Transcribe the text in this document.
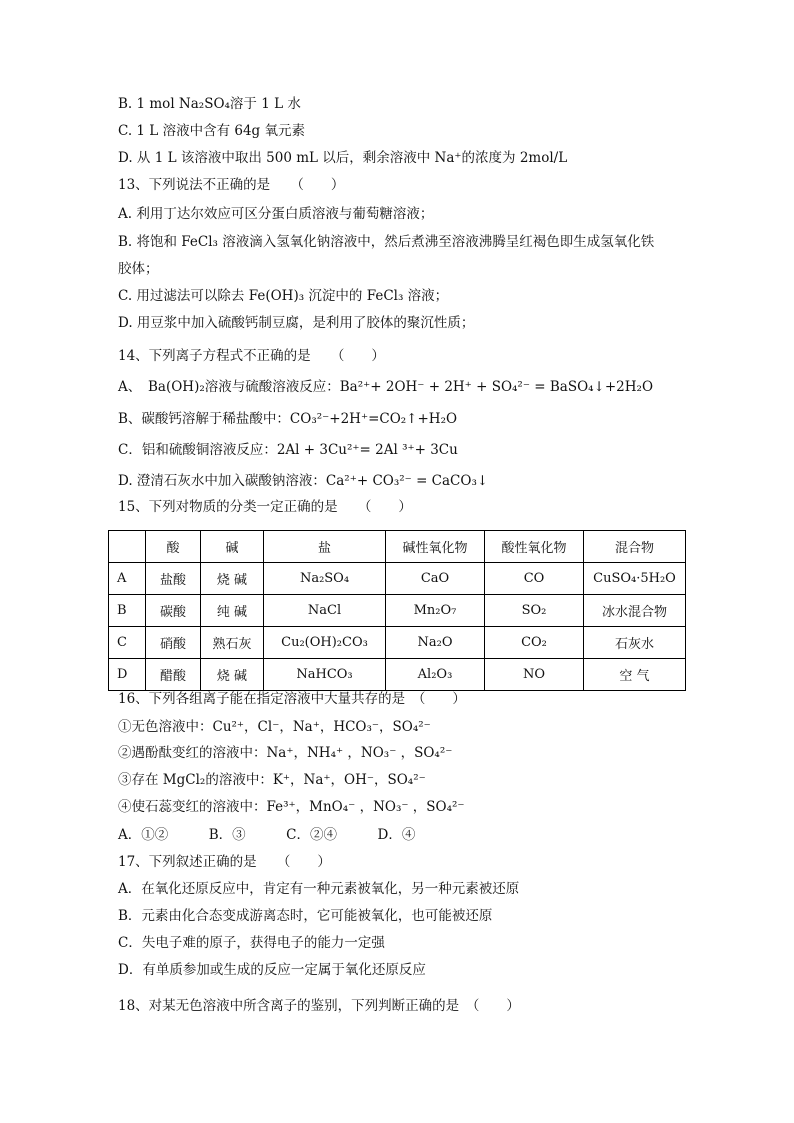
B. 1 mol Na₂SO₄溶于 1 L 水
C. 1 L 溶液中含有 64g 氧元素
D. 从 1 L 该溶液中取出 500 mL 以后，剩余溶液中 Na⁺的浓度为 2mol/L
13、下列说法不正确的是　　（　　）
A. 利用丁达尔效应可区分蛋白质溶液与葡萄糖溶液；
B. 将饱和 FeCl₃ 溶液滴入氢氧化钠溶液中，然后煮沸至溶液沸腾呈红褐色即生成氢氧化铁
胶体；
C. 用过滤法可以除去 Fe(OH)₃ 沉淀中的 FeCl₃ 溶液；
D. 用豆浆中加入硫酸钙制豆腐，是利用了胶体的聚沉性质；
14、下列离子方程式不正确的是　　（　　）
A、　Ba(OH)₂溶液与硫酸溶液反应：Ba²⁺+ 2OH⁻ + 2H⁺ + SO₄²⁻ = BaSO₄↓+2H₂O
B、碳酸钙溶解于稀盐酸中：CO₃²⁻+2H⁺=CO₂↑+H₂O
C．铝和硫酸铜溶液反应：2Al + 3Cu²⁺= 2Al ³⁺+ 3Cu
D. 澄清石灰水中加入碳酸钠溶液：Ca²⁺+ CO₃²⁻ = CaCO₃↓
15、下列对物质的分类一定正确的是　　（　　）
	酸	碱	盐	碱性氧化物	酸性氧化物	混合物
A	盐酸	烧 碱	Na₂SO₄	CaO	CO	CuSO₄·5H₂O
B	碳酸	纯 碱	NaCl	Mn₂O₇	SO₂	冰水混合物
C	硝酸	熟石灰	Cu₂(OH)₂CO₃	Na₂O	CO₂	石灰水
D	醋酸	烧 碱	NaHCO₃	Al₂O₃	NO	空 气
16、下列各组离子能在指定溶液中大量共存的是　（　　）
①无色溶液中：Cu²⁺，Cl⁻，Na⁺，HCO₃⁻，SO₄²⁻
②遇酚酞变红的溶液中：Na⁺，NH₄⁺ ，NO₃⁻ ，SO₄²⁻
③存在 MgCl₂的溶液中：K⁺，Na⁺，OH⁻，SO₄²⁻
④使石蕊变红的溶液中：Fe³⁺，MnO₄⁻ ，NO₃⁻ ，SO₄²⁻
A．①②　　　B．③　　　C．②④　　　D．④
17、下列叙述正确的是　　（　　）
A．在氧化还原反应中，肯定有一种元素被氧化，另一种元素被还原
B．元素由化合态变成游离态时，它可能被氧化，也可能被还原
C．失电子难的原子，获得电子的能力一定强
D．有单质参加或生成的反应一定属于氧化还原反应
18、对某无色溶液中所含离子的鉴别，下列判断正确的是　（　　）
